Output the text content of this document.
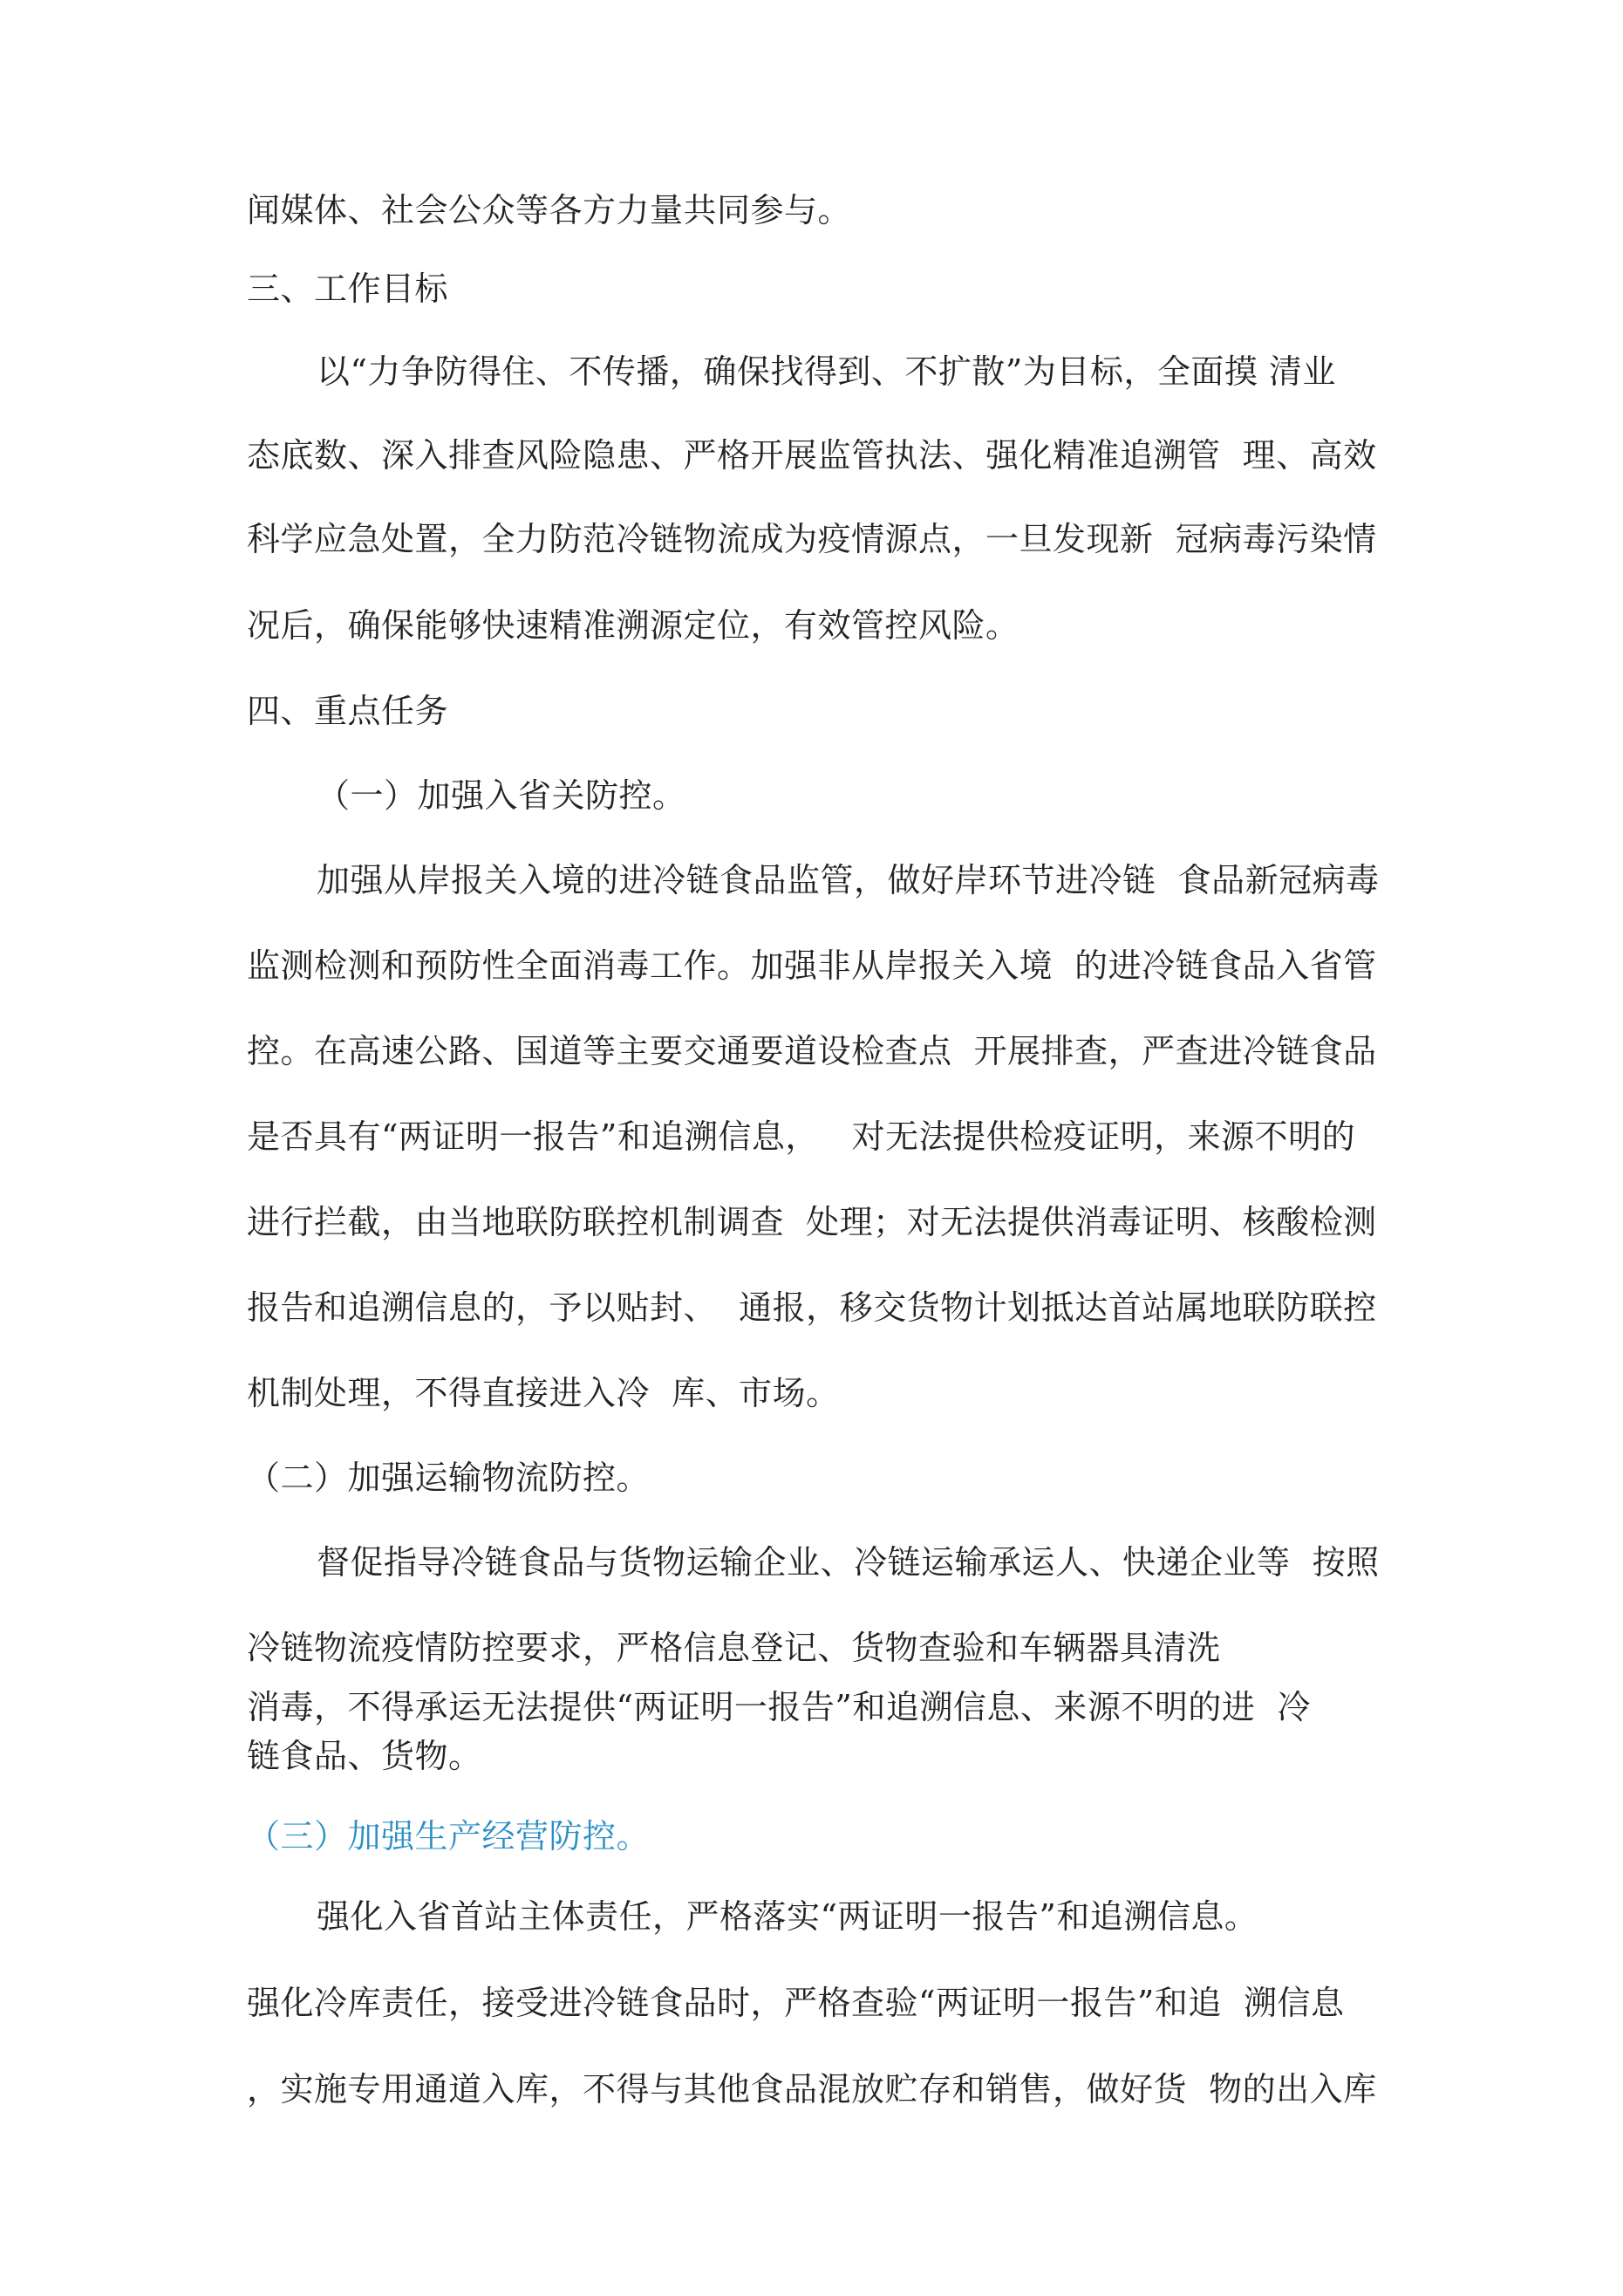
闻媒体、社会公众等各方力量共同参与。
三、工作目标
以“力争防得住、不传播，确保找得到、不扩散”为目标，全面摸 清业
态底数、深入排查风险隐患、严格开展监管执法、强化精准追溯管  理、高效
科学应急处置，全力防范冷链物流成为疫情源点，一旦发现新  冠病毒污染情
况后，确保能够快速精准溯源定位，有效管控风险。
四、重点任务
（一）加强入省关防控。
加强从岸报关入境的进冷链食品监管，做好岸环节进冷链  食品新冠病毒
监测检测和预防性全面消毒工作。加强非从岸报关入境  的进冷链食品入省管
控。在高速公路、国道等主要交通要道设检查点  开展排查，严查进冷链食品
是否具有“两证明一报告”和追溯信息，   对无法提供检疫证明，来源不明的
进行拦截，由当地联防联控机制调查  处理；对无法提供消毒证明、核酸检测
报告和追溯信息的，予以贴封、  通报，移交货物计划抵达首站属地联防联控
机制处理，不得直接进入冷  库、市场。
（二）加强运输物流防控。
督促指导冷链食品与货物运输企业、冷链运输承运人、快递企业等  按照
冷链物流疫情防控要求，严格信息登记、货物查验和车辆器具清洗
消毒，不得承运无法提供“两证明一报告”和追溯信息、来源不明的进  冷
链食品、货物。
（三）加强生产经营防控。
强化入省首站主体责任，严格落实“两证明一报告”和追溯信息。
强化冷库责任，接受进冷链食品时，严格查验“两证明一报告”和追  溯信息
，实施专用通道入库，不得与其他食品混放贮存和销售，做好货  物的出入库
